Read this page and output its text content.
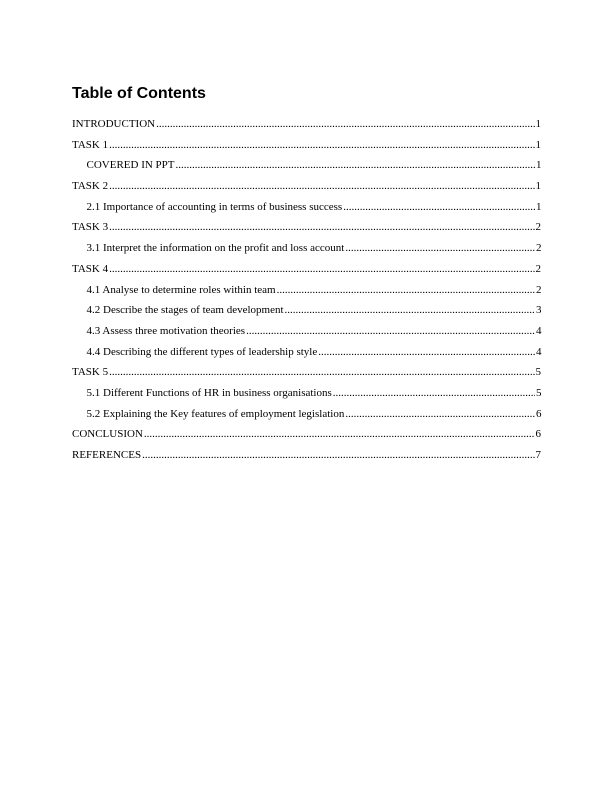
Table of Contents
INTRODUCTION .....	1
TASK 1 .....	1
COVERED IN PPT .....	1
TASK 2 .....	1
2.1 Importance of accounting in terms of business success .....	1
TASK 3 .....	2
3.1 Interpret the information on the profit and loss account .....	2
TASK 4 .....	2
4.1 Analyse to determine roles within team .....	2
4.2 Describe the stages of team development .....	3
4.3 Assess three motivation theories .....	4
4.4 Describing the different types of leadership style .....	4
TASK 5 .....	5
5.1 Different Functions of HR in business organisations .....	5
5.2 Explaining the Key features of employment legislation .....	6
CONCLUSION .....	6
REFERENCES .....	7
